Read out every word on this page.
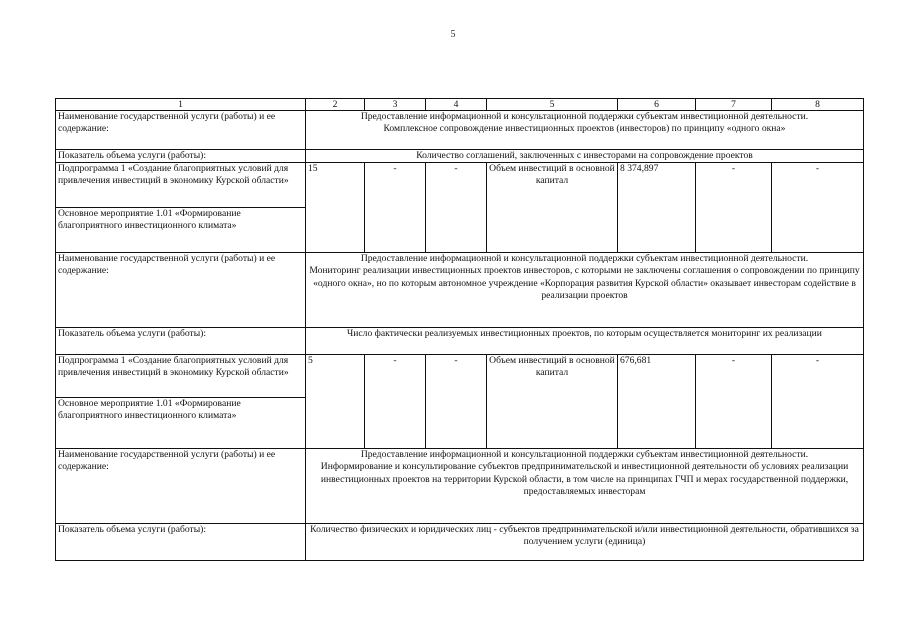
5
1	2	3	4	5	6	7	8
Наименование государственной услуги (работы) и ее содержание:	Предоставление информационной и консультационной поддержки субъектам инвестиционной деятельности.
Комплексное сопровождение инвестиционных проектов (инвесторов) по принципу «одного окна»						

Показатель объема услуги (работы):	Количество соглашений, заключенных с инвесторами на сопровождение проектов						
Подпрограмма 1 «Создание благоприятных условий для привлечения инвестиций в экономику Курской области»	15	-	-	Объем инвестиций в основной капитал	8 374,897	-	-
Основное мероприятие 1.01 «Формирование благоприятного инвестиционного климата»							
Наименование государственной услуги (работы) и ее содержание:	Предоставление информационной и консультационной поддержки субъектам инвестиционной деятельности.
Мониторинг реализации инвестиционных проектов инвесторов, с которыми не заключены соглашения о сопровождении по принципу «одного окна», но по которым автономное учреждение «Корпорация развития Курской области» оказывает инвесторам содействие в реализации проектов						

Показатель объема услуги (работы):	Число фактически реализуемых инвестиционных проектов, по которым осуществляется мониторинг их реализации						
Подпрограмма 1 «Создание благоприятных условий для привлечения инвестиций в экономику Курской области»	5	-	-	Объем инвестиций в основной капитал	676,681	-	-
Основное мероприятие 1.01 «Формирование благоприятного инвестиционного климата»							
Наименование государственной услуги (работы) и ее содержание:	Предоставление информационной и консультационной поддержки субъектам инвестиционной деятельности.
Информирование и консультирование субъектов предпринимательской и инвестиционной деятельности об условиях реализации инвестиционных проектов на территории Курской области, в том числе на принципах ГЧП и мерах государственной поддержки, предоставляемых инвесторам						

Показатель объема услуги (работы):	Количество физических и юридических лиц - субъектов предпринимательской и/или инвестиционной деятельности, обратившихся за получением услуги (единица)						
